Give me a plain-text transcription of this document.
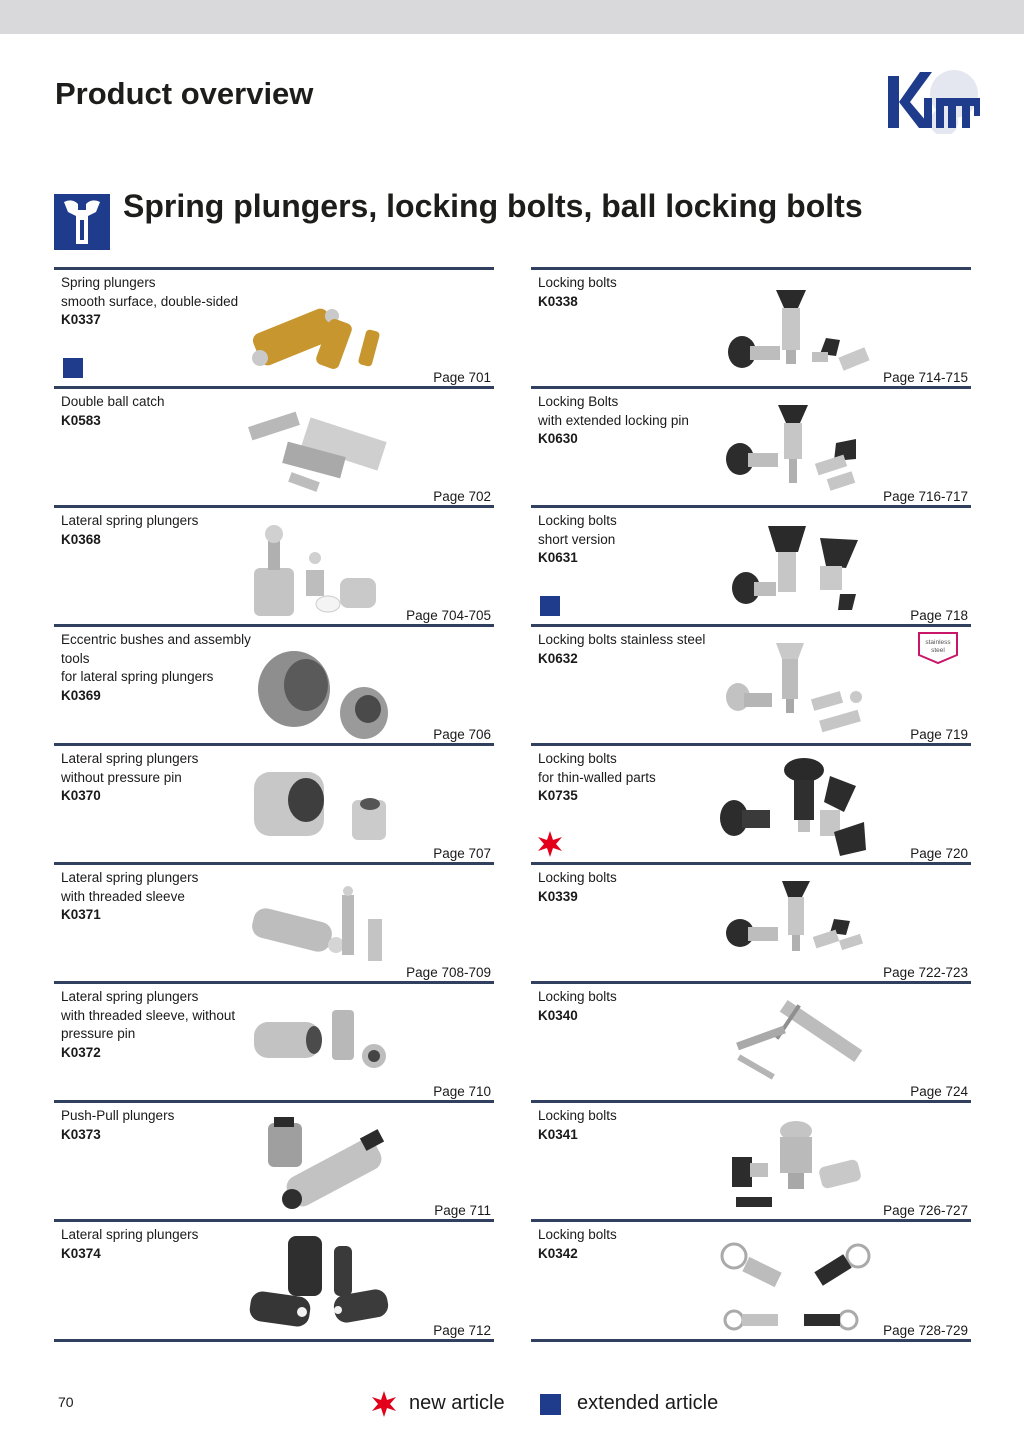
Product overview
Spring plungers, locking bolts, ball locking bolts
Spring plungers
smooth surface, double-sided
K0337
Page 701
Double ball catch
K0583
Page 702
Lateral spring plungers
K0368
Page 704-705
Eccentric bushes and assembly tools
for lateral spring plungers
K0369
Page 706
Lateral spring plungers
without pressure pin
K0370
Page 707
Lateral spring plungers
with threaded sleeve
K0371
Page 708-709
Lateral spring plungers
with threaded sleeve, without
pressure pin
K0372
Page 710
Push-Pull plungers
K0373
Page 711
Lateral spring plungers
K0374
Page 712
Locking bolts
K0338
Page 714-715
Locking Bolts
with extended locking pin
K0630
Page 716-717
Locking bolts
short version
K0631
Page 718
Locking bolts stainless steel
K0632
stainless
steel
Page 719
Locking bolts
for thin-walled parts
K0735
Page 720
Locking bolts
K0339
Page 722-723
Locking bolts
K0340
Page 724
Locking bolts
K0341
Page 726-727
Locking bolts
K0342
Page 728-729
70	new article	extended article
